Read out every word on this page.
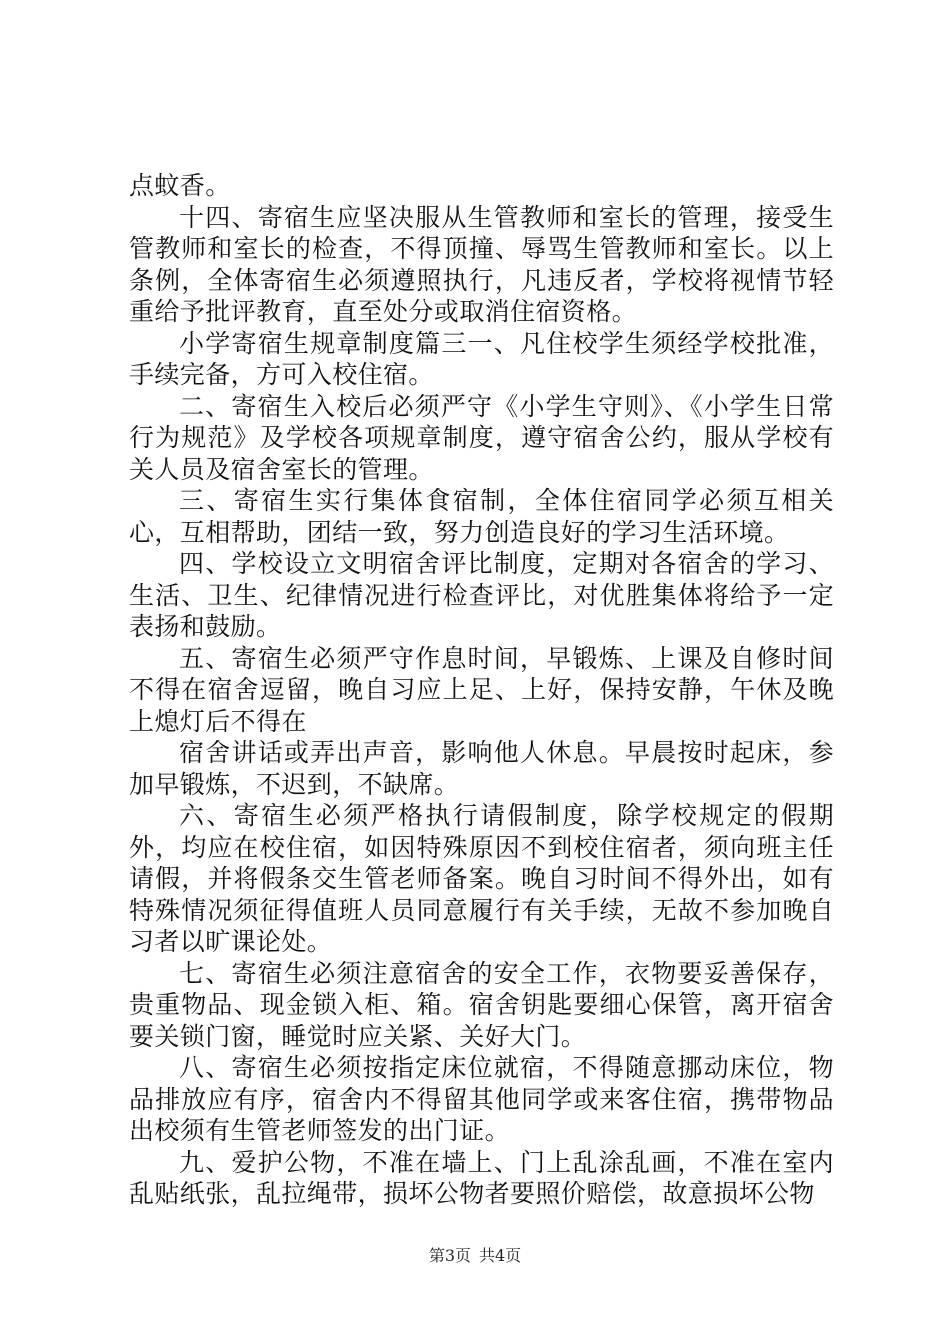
点蚊香。

十四、寄宿生应坚决服从生管教师和室长的管理，接受生管教师和室长的检查，不得顶撞、辱骂生管教师和室长。以上条例，全体寄宿生必须遵照执行，凡违反者，学校将视情节轻重给予批评教育，直至处分或取消住宿资格。

小学寄宿生规章制度篇三一、凡住校学生须经学校批准，手续完备，方可入校住宿。

二、寄宿生入校后必须严守《小学生守则》、《小学生日常行为规范》及学校各项规章制度，遵守宿舍公约，服从学校有关人员及宿舍室长的管理。

三、寄宿生实行集体食宿制，全体住宿同学必须互相关心，互相帮助，团结一致，努力创造良好的学习生活环境。

四、学校设立文明宿舍评比制度，定期对各宿舍的学习、生活、卫生、纪律情况进行检查评比，对优胜集体将给予一定表扬和鼓励。

五、寄宿生必须严守作息时间，早锻炼、上课及自修时间不得在宿舍逗留，晚自习应上足、上好，保持安静，午休及晚上熄灯后不得在

宿舍讲话或弄出声音，影响他人休息。早晨按时起床，参加早锻炼，不迟到，不缺席。

六、寄宿生必须严格执行请假制度，除学校规定的假期外，均应在校住宿，如因特殊原因不到校住宿者，须向班主任请假，并将假条交生管老师备案。晚自习时间不得外出，如有特殊情况须征得值班人员同意履行有关手续，无故不参加晚自习者以旷课论处。

七、寄宿生必须注意宿舍的安全工作，衣物要妥善保存，贵重物品、现金锁入柜、箱。宿舍钥匙要细心保管，离开宿舍要关锁门窗，睡觉时应关紧、关好大门。

八、寄宿生必须按指定床位就宿，不得随意挪动床位，物品排放应有序，宿舍内不得留其他同学或来客住宿，携带物品出校须有生管老师签发的出门证。

九、爱护公物，不准在墙上、门上乱涂乱画，不准在室内乱贴纸张，乱拉绳带，损坏公物者要照价赔偿，故意损坏公物

第3页 共4页
